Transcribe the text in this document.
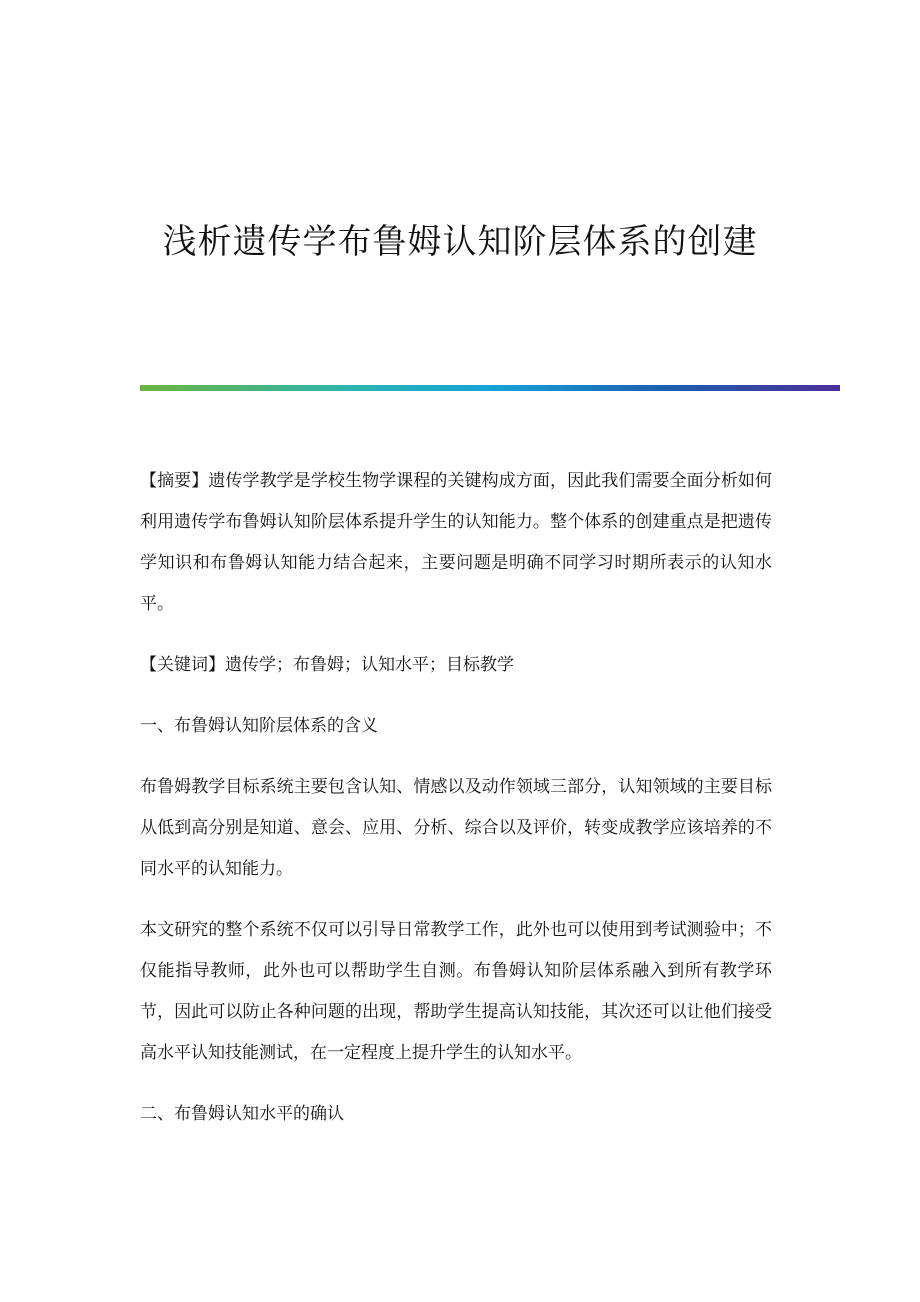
浅析遗传学布鲁姆认知阶层体系的创建

【摘要】遗传学教学是学校生物学课程的关键构成方面，因此我们需要全面分析如何利用遗传学布鲁姆认知阶层体系提升学生的认知能力。整个体系的创建重点是把遗传学知识和布鲁姆认知能力结合起来，主要问题是明确不同学习时期所表示的认知水平。

【关键词】遗传学；布鲁姆；认知水平；目标教学

一、布鲁姆认知阶层体系的含义

布鲁姆教学目标系统主要包含认知、情感以及动作领域三部分，认知领域的主要目标从低到高分别是知道、意会、应用、分析、综合以及评价，转变成教学应该培养的不同水平的认知能力。

本文研究的整个系统不仅可以引导日常教学工作，此外也可以使用到考试测验中；不仅能指导教师，此外也可以帮助学生自测。布鲁姆认知阶层体系融入到所有教学环节，因此可以防止各种问题的出现，帮助学生提高认知技能，其次还可以让他们接受高水平认知技能测试，在一定程度上提升学生的认知水平。

二、布鲁姆认知水平的确认
